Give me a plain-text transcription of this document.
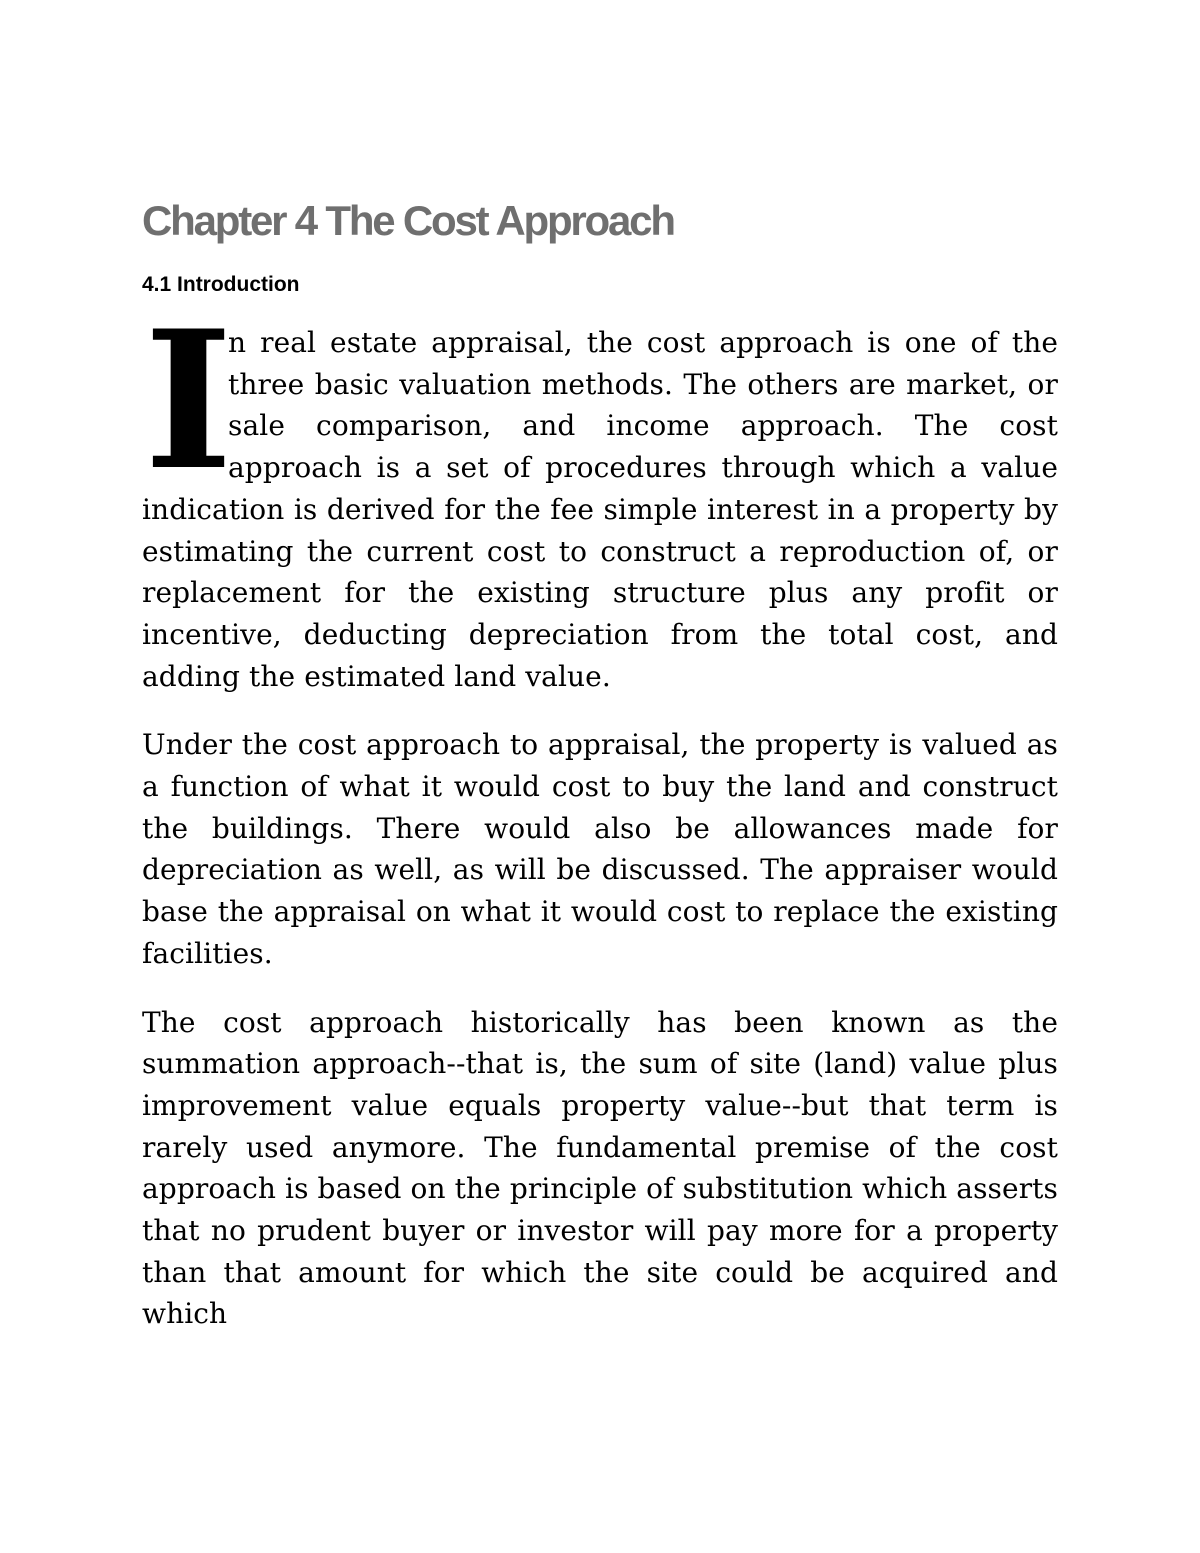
Chapter 4 The Cost Approach
4.1 Introduction

I
n real estate appraisal, the cost approach is one of the three basic valuation methods. The others are market, or sale comparison, and income approach. The cost approach is a set of procedures through which a value indication is derived for the fee simple interest in a property by estimating the current cost to construct a reproduction of, or replacement for the existing structure plus any profit or incentive, deducting depreciation from the total cost, and adding the estimated land value.

Under the cost approach to appraisal, the property is valued as a function of what it would cost to buy the land and construct the buildings. There would also be allowances made for depreciation as well, as will be discussed. The appraiser would base the appraisal on what it would cost to replace the existing facilities.

The cost approach historically has been known as the summation approach--that is, the sum of site (land) value plus improvement value equals property value--but that term is rarely used anymore. The fundamental premise of the cost approach is based on the principle of substitution which asserts that no prudent buyer or investor will pay more for a property than that amount for which the site could be acquired and which
